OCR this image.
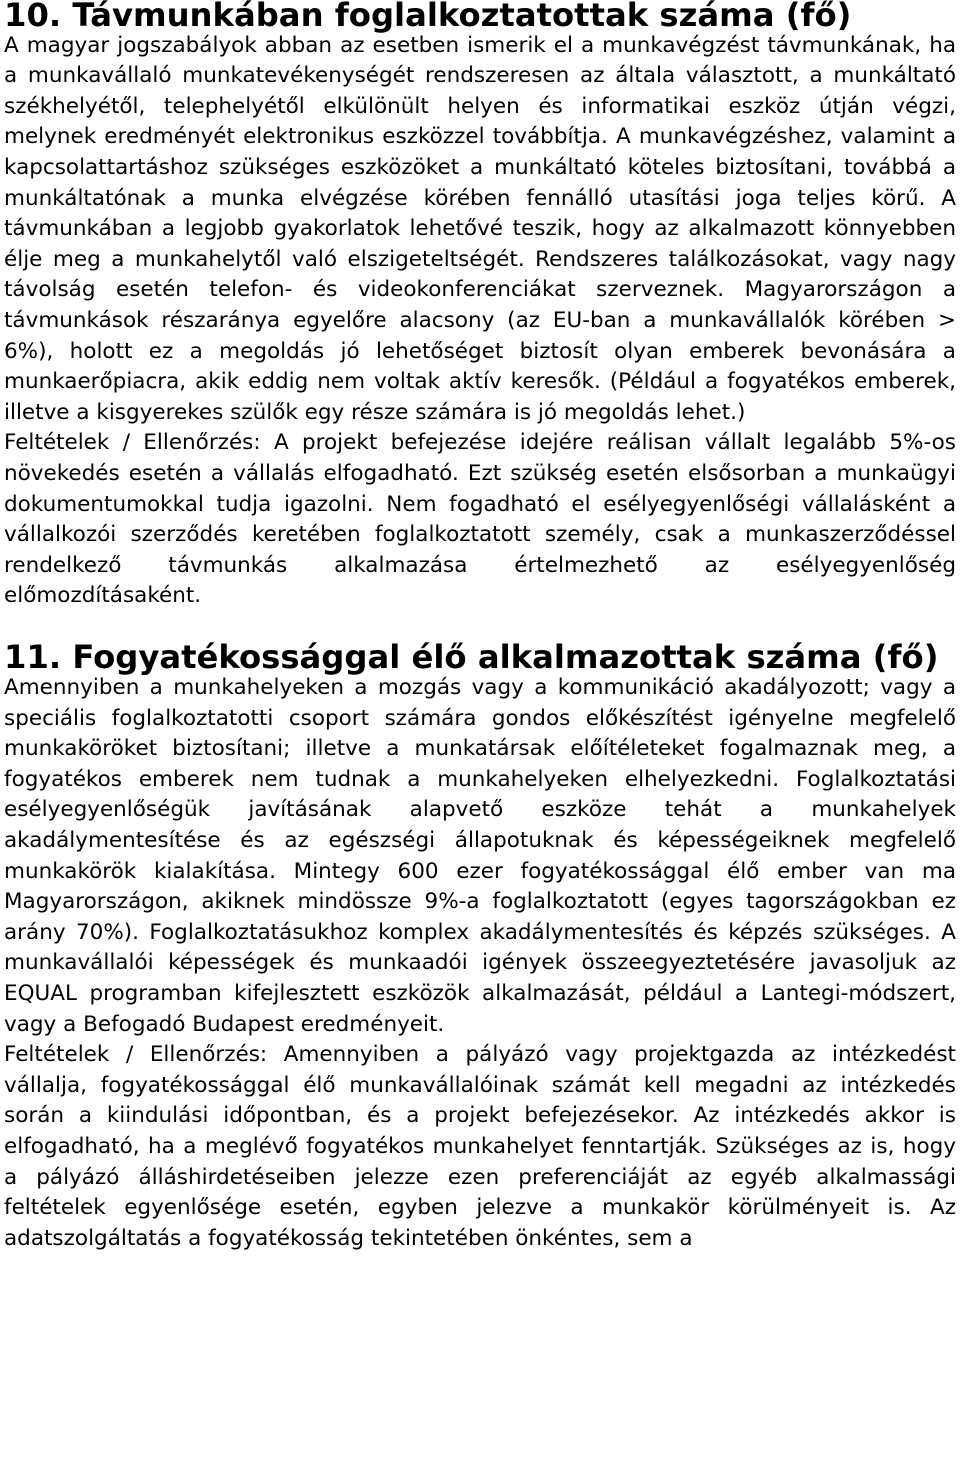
10. Távmunkában foglalkoztatottak száma (fő)

A magyar jogszabályok abban az esetben ismerik el a munkavégzést távmunkának, ha a munkavállaló munkatevékenységét rendszeresen az általa választott, a munkáltató székhelyétől, telephelyétől elkülönült helyen és informatikai eszköz útján végzi, melynek eredményét elektronikus eszközzel továbbítja. A munkavégzéshez, valamint a kapcsolattartáshoz szükséges eszközöket a munkáltató köteles biztosítani, továbbá a munkáltatónak a munka elvégzése körében fennálló utasítási joga teljes körű. A távmunkában a legjobb gyakorlatok lehetővé teszik, hogy az alkalmazott könnyebben élje meg a munkahelytől való elszigeteltségét. Rendszeres találkozásokat, vagy nagy távolság esetén telefon- és videokonferenciákat szerveznek. Magyarországon a távmunkások részaránya egyelőre alacsony (az EU-ban a munkavállalók körében > 6%), holott ez a megoldás jó lehetőséget biztosít olyan emberek bevonására a munkaerőpiacra, akik eddig nem voltak aktív keresők. (Például a fogyatékos emberek, illetve a kisgyerekes szülők egy része számára is jó megoldás lehet.)

Feltételek / Ellenőrzés: A projekt befejezése idejére reálisan vállalt legalább 5%-os növekedés esetén a vállalás elfogadható. Ezt szükség esetén elsősorban a munkaügyi dokumentumokkal tudja igazolni. Nem fogadható el esélyegyenlőségi vállalásként a vállalkozói szerződés keretében foglalkoztatott személy, csak a munkaszerződéssel rendelkező távmunkás alkalmazása értelmezhető az esélyegyenlőség előmozdításaként.

11. Fogyatékossággal élő alkalmazottak száma (fő)

Amennyiben a munkahelyeken a mozgás vagy a kommunikáció akadályozott; vagy a speciális foglalkoztatotti csoport számára gondos előkészítést igényelne megfelelő munkaköröket biztosítani; illetve a munkatársak előítéleteket fogalmaznak meg, a fogyatékos emberek nem tudnak a munkahelyeken elhelyezkedni. Foglalkoztatási esélyegyenlőségük javításának alapvető eszköze tehát a munkahelyek akadálymentesítése és az egészségi állapotuknak és képességeiknek megfelelő munkakörök kialakítása. Mintegy 600 ezer fogyatékossággal élő ember van ma Magyarországon, akiknek mindössze 9%-a foglalkoztatott (egyes tagországokban ez arány 70%). Foglalkoztatásukhoz komplex akadálymentesítés és képzés szükséges. A munkavállalói képességek és munkaadói igények összeegyeztetésére javasoljuk az EQUAL programban kifejlesztett eszközök alkalmazását, például a Lantegi-módszert, vagy a Befogadó Budapest eredményeit.

Feltételek / Ellenőrzés: Amennyiben a pályázó vagy projektgazda az intézkedést vállalja, fogyatékossággal élő munkavállalóinak számát kell megadni az intézkedés során a kiindulási időpontban, és a projekt befejezésekor. Az intézkedés akkor is elfogadható, ha a meglévő fogyatékos munkahelyet fenntartják. Szükséges az is, hogy a pályázó álláshirdetéseiben jelezze ezen preferenciáját az egyéb alkalmassági feltételek egyenlősége esetén, egyben jelezve a munkakör körülményeit is. Az adatszolgáltatás a fogyatékosság tekintetében önkéntes, sem a
